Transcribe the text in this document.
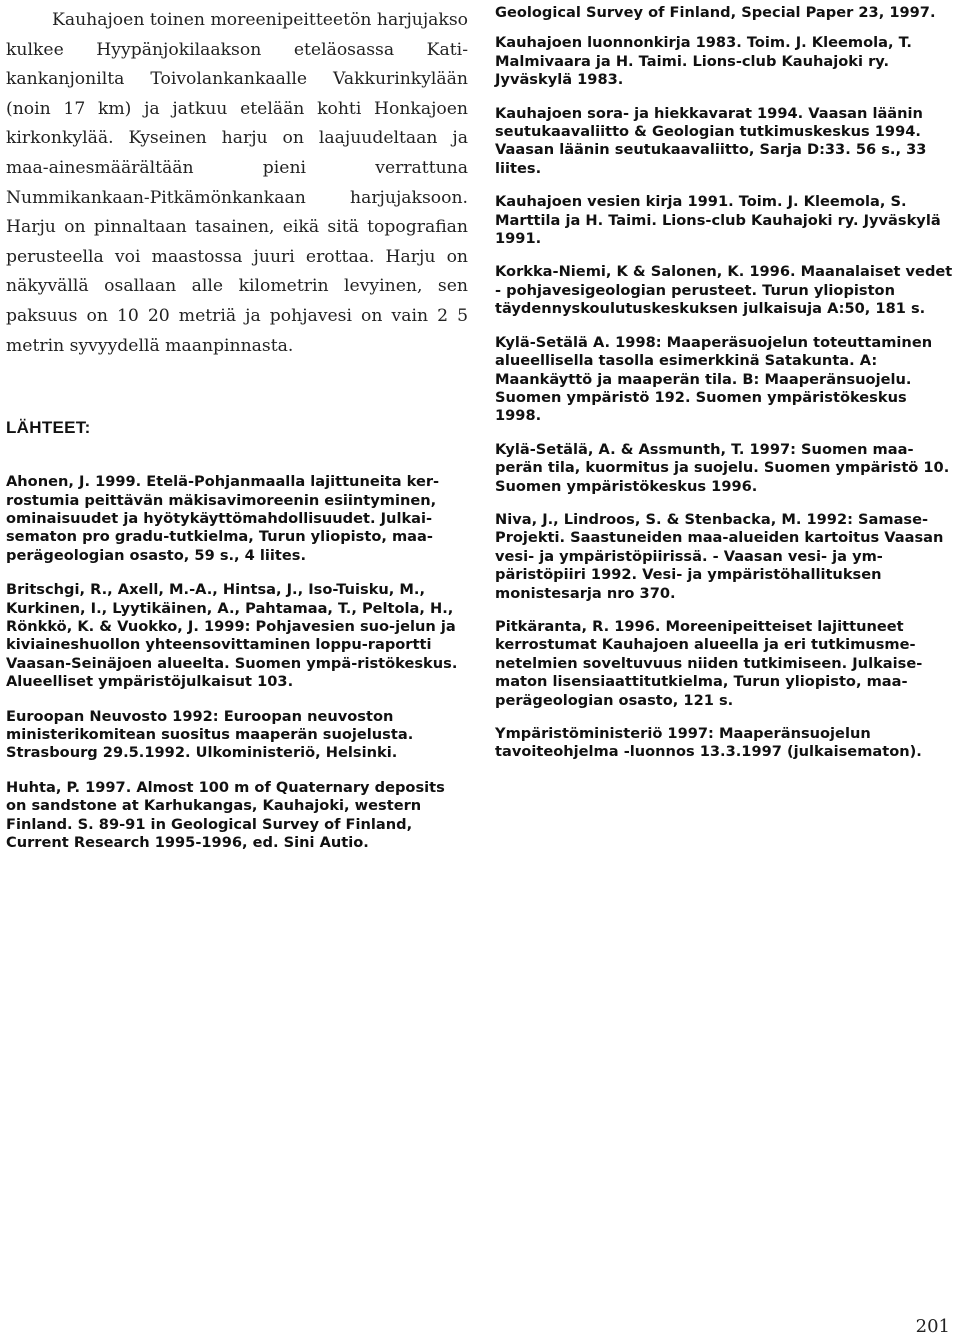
Kauhajoen toinen moreenipeitteetön harjujakso kulkee Hyypänjokilaakson eteläosassa Katikankanjonilta Toivolankankaalle Vakkurinkylään (noin 17 km) ja jatkuu etelään kohti Honkajoen kirkonkylää. Kyseinen harju on laajuudeltaan ja maa-ainesmäärältään pieni verrattuna Nummikankaan-Pitkämönkankaan harjujaksoon. Harju on pinnaltaan tasainen, eikä sitä topografian perusteella voi maastossa juuri erottaa. Harju on näkyvällä osallaan alle kilometrin levyinen, sen paksuus on 10 20 metriä ja pohjavesi on vain 2 5 metrin syvyydellä maanpinnasta.

LÄHTEET:

Ahonen, J. 1999. Etelä-Pohjanmaalla lajittuneita ker-rostumia peittävän mäkisavimoreenin esiintyminen, ominaisuudet ja hyötykäyttömahdollisuudet. Julkai-sematon pro gradu-tutkielma, Turun yliopisto, maaperägeologian osasto, 59 s., 4 liites.

Britschgi, R., Axell, M.-A., Hintsa, J., Iso-Tuisku, M., Kurkinen, I., Lyytikäinen, A., Pahtamaa, T., Peltola, H., Rönkkö, K. & Vuokko, J. 1999: Pohjavesien suo-jelun ja kiviaineshuollon yhteensovittaminen loppu-raportti Vaasan-Seinäjoen alueelta. Suomen ympä-ristökeskus. Alueelliset ympäristöjulkaisut 103.

Euroopan Neuvosto 1992: Euroopan neuvoston ministerikomitean suositus maaperän suojelusta. Strasbourg 29.5.1992. Ulkoministeriö, Helsinki.

Huhta, P. 1997. Almost 100 m of Quaternary deposits on sandstone at Karhukangas, Kauhajoki, western Finland. S. 89-91 in Geological Survey of Finland, Current Research 1995-1996, ed. Sini Autio.

Geological Survey of Finland, Special Paper 23, 1997.

Kauhajoen luonnonkirja 1983. Toim. J. Kleemola, T. Malmivaara ja H. Taimi. Lions-club Kauhajoki ry. Jyväskylä 1983.

Kauhajoen sora- ja hiekkavarat 1994. Vaasan läänin seutukaavaliitto & Geologian tutkimuskeskus 1994. Vaasan läänin seutukaavaliitto, Sarja D:33. 56 s., 33 liites.

Kauhajoen vesien kirja 1991. Toim. J. Kleemola, S. Marttila ja H. Taimi. Lions-club Kauhajoki ry. Jyväskylä 1991.

Korkka-Niemi, K & Salonen, K. 1996. Maanalaiset vedet - pohjavesigeologian perusteet. Turun yliopiston täydennyskoulutuskeskuksen julkaisuja A:50, 181 s.

Kylä-Setälä A. 1998: Maaperäsuojelun toteuttaminen alueellisella tasolla esimerkkinä Satakunta. A: Maankäyttö ja maaperän tila. B: Maaperänsuojelu. Suomen ympäristö 192. Suomen ympäristökeskus 1998.

Kylä-Setälä, A. & Assmunth, T. 1997: Suomen maaperän tila, kuormitus ja suojelu. Suomen ympäristö 10. Suomen ympäristökeskus 1996.

Niva, J., Lindroos, S. & Stenbacka, M. 1992: Samase-Projekti. Saastuneiden maa-alueiden kartoitus Vaasan vesi- ja ympäristöpiirissä. - Vaasan vesi- ja ympäristöpiiri 1992. Vesi- ja ympäristöhallituksen monistesarja nro 370.

Pitkäranta, R. 1996. Moreenipeitteiset lajittuneet kerrostumat Kauhajoen alueella ja eri tutkimusmenetelmien soveltuvuus niiden tutkimiseen. Julkaisematon lisensiaattitutkielma, Turun yliopisto, maaperägeologian osasto, 121 s.

Ympäristöministeriö 1997: Maaperänsuojelun tavoiteohjelma -luonnos 13.3.1997 (julkaisematon).

201
